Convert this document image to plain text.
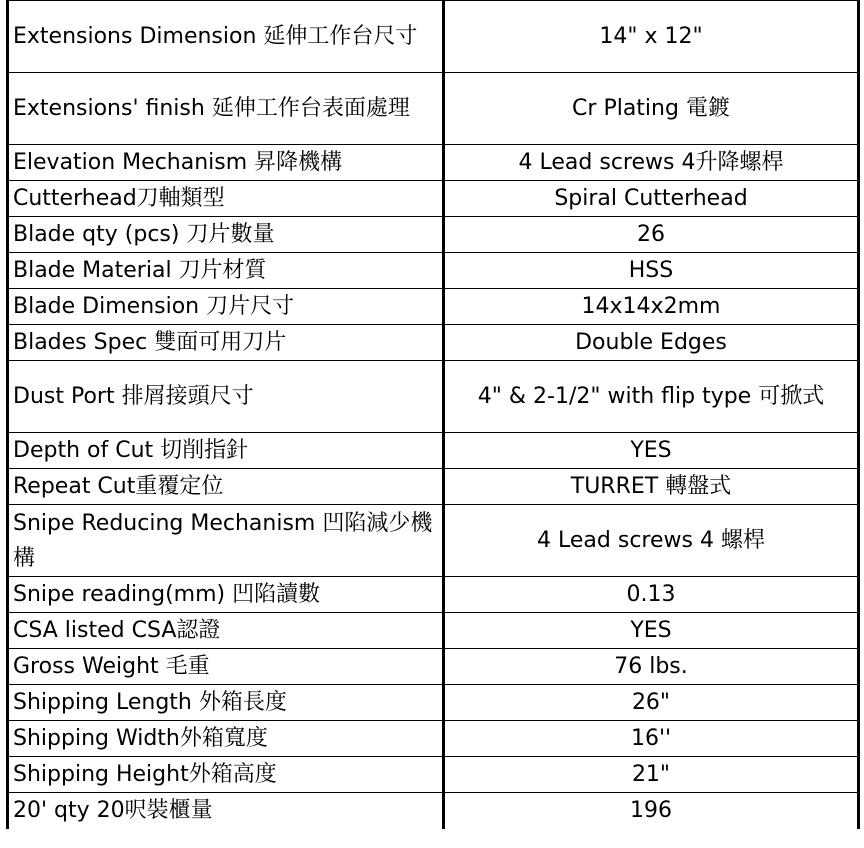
Extensions Dimension 延伸工作台尺寸	14" x 12"
Extensions' finish 延伸工作台表面處理	Cr Plating 電鍍
Elevation Mechanism 昇降機構	4 Lead screws 4升降螺桿
Cutterhead刀軸類型	Spiral Cutterhead
Blade qty (pcs) 刀片數量	26
Blade Material 刀片材質	HSS
Blade Dimension 刀片尺寸	14x14x2mm
Blades Spec 雙面可用刀片	Double Edges
Dust Port 排屑接頭尺寸	4" & 2-1/2" with flip type 可掀式
Depth of Cut 切削指針	YES
Repeat Cut重覆定位	TURRET 轉盤式
Snipe Reducing Mechanism 凹陷減少機構	4 Lead screws 4 螺桿
Snipe reading(mm) 凹陷讀數	0.13
CSA listed CSA認證	YES
Gross Weight 毛重	76 lbs.
Shipping Length 外箱長度	26"
Shipping Width外箱寬度	16''
Shipping Height外箱高度	21"
20' qty 20呎裝櫃量	196
